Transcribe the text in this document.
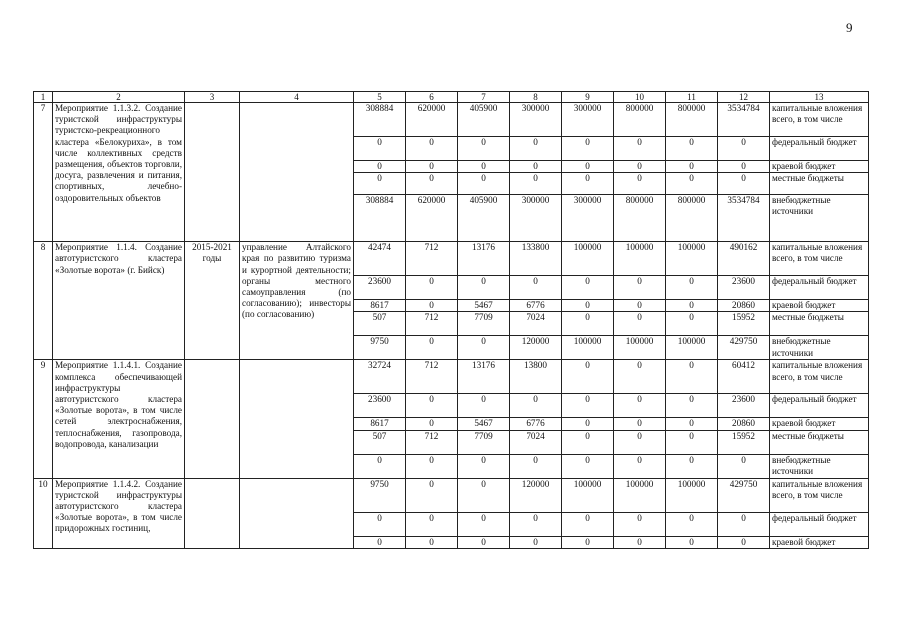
9
1	2	3	4	5	6	7	8	9	10	11	12	13
7	Мероприятие 1.1.3.2. Создание туристской инфраструктуры туристско-рекреационного кластера «Белокуриха», в том числе коллективных средств размещения, объектов торговли, досуга, развлечения и питания, спортивных, лечебно-оздоровительных объектов			308884	620000	405900	300000	300000	800000	800000	3534784	капитальные вложения всего, в том числе
				0	0	0	0	0	0	0	0	федеральный бюджет
				0	0	0	0	0	0	0	0	краевой бюджет
				0	0	0	0	0	0	0	0	местные бюджеты
				308884	620000	405900	300000	300000	800000	800000	3534784	внебюджетные источники
8	Мероприятие 1.1.4. Создание автотуристского кластера «Золотые ворота» (г. Бийск)	2015-2021 годы	управление Алтайского края по развитию туризма и курортной деятельности; органы местного самоуправления (по согласованию); инвесторы (по согласованию)	42474	712	13176	133800	100000	100000	100000	490162	капитальные вложения всего, в том числе
				23600	0	0	0	0	0	0	23600	федеральный бюджет
				8617	0	5467	6776	0	0	0	20860	краевой бюджет
				507	712	7709	7024	0	0	0	15952	местные бюджеты
				9750	0	0	120000	100000	100000	100000	429750	внебюджетные источники
9	Мероприятие 1.1.4.1. Создание комплекса обеспечивающей инфраструктуры автотуристского кластера «Золотые ворота», в том числе сетей электроснабжения, теплоснабжения, газопровода, водопровода, канализации			32724	712	13176	13800	0	0	0	60412	капитальные вложения всего, в том числе
				23600	0	0	0	0	0	0	23600	федеральный бюджет
				8617	0	5467	6776	0	0	0	20860	краевой бюджет
				507	712	7709	7024	0	0	0	15952	местные бюджеты
				0	0	0	0	0	0	0	0	внебюджетные источники
10	Мероприятие 1.1.4.2. Создание туристской инфраструктуры автотуристского кластера «Золотые ворота», в том числе придорожных гостиниц,			9750	0	0	120000	100000	100000	100000	429750	капитальные вложения всего, в том числе
				0	0	0	0	0	0	0	0	федеральный бюджет
				0	0	0	0	0	0	0	0	краевой бюджет
